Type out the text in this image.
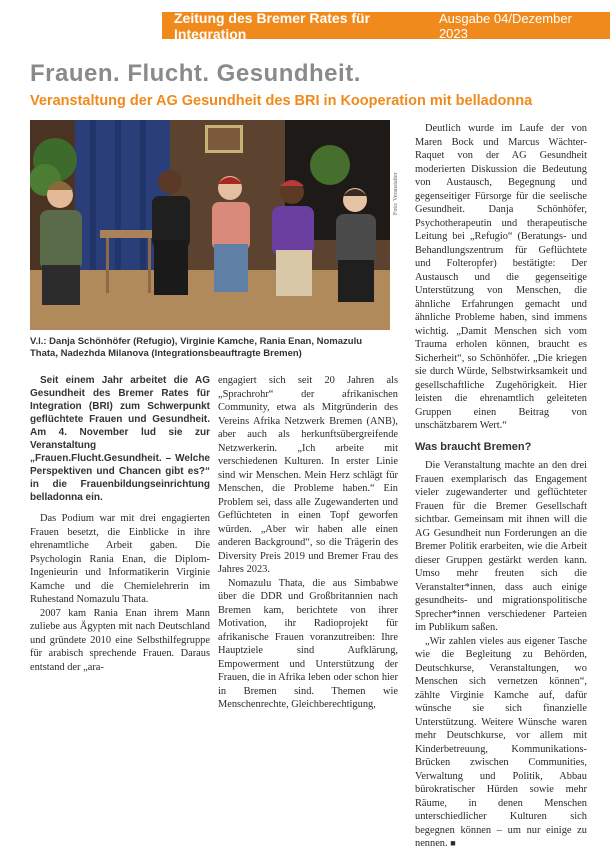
Zeitung des Bremer Rates für Integration
Ausgabe 04/Dezember 2023
Frauen. Flucht. Gesundheit.
Veranstaltung der AG Gesundheit des BRI in Kooperation mit belladonna
Foto: Veranstalter
V.l.: Danja Schönhöfer (Refugio), Virginie Kamche, Rania Enan, Nomazulu Thata, Nadezhda Milanova (Integrationsbeauftragte Bremen)

Seit einem Jahr arbeitet die AG Gesundheit des Bremer Rates für Integration (BRI) zum Schwerpunkt geflüchtete Frauen und Gesundheit. Am 4. November lud sie zur Veranstaltung „Frauen.Flucht.Gesundheit. – Welche Perspektiven und Chancen gibt es?“ in die Frauenbildungseinrichtung belladonna ein.

Das Podium war mit drei engagierten Frauen besetzt, die Einblicke in ihre ehrenamtliche Arbeit gaben. Die Psychologin Rania Enan, die Diplom-Ingenieurin und Informatikerin Virginie Kamche und die Chemielehrerin im Ruhestand Nomazulu Thata.

2007 kam Rania Enan ihrem Mann zuliebe aus Ägypten mit nach Deutschland und gründete 2010 eine Selbsthilfegruppe für arabisch sprechende Frauen. Daraus entstand der „ara-

engagiert sich seit 20 Jahren als „Sprachrohr“ der afrikanischen Community, etwa als Mitgründerin des Vereins Afrika Netzwerk Bremen (ANB), aber auch als herkunftsübergreifende Netzwerkerin. „Ich arbeite mit verschiedenen Kulturen. In erster Linie sind wir Menschen. Mein Herz schlägt für Menschen, die Probleme haben.“ Ein Problem sei, dass alle Zugewanderten und Geflüchteten in einen Topf geworfen würden. „Aber wir haben alle einen anderen Background“, so die Trägerin des Diversity Preis 2019 und Bremer Frau des Jahres 2023.

Nomazulu Thata, die aus Simbabwe über die DDR und Großbritannien nach Bremen kam, berichtete von ihrer Motivation, ihr Radioprojekt für afrikanische Frauen voranzutreiben: Ihre Hauptziele sind Aufklärung, Empowerment und Unterstützung der Frauen, die in Afrika leben oder schon hier in Bremen sind. Themen wie Menschenrechte, Gleichberechtigung,

Deutlich wurde im Laufe der von Maren Bock und Marcus Wächter-Raquet von der AG Gesundheit moderierten Diskussion die Bedeutung von Austausch, Begegnung und gegenseitiger Fürsorge für die seelische Gesundheit. Danja Schönhöfer, Psychotherapeutin und therapeutische Leitung bei „Refugio“ (Beratungs- und Behandlungszentrum für Geflüchtete und Folteropfer) bestätigte: Der Austausch und die gegenseitige Unterstützung von Menschen, die ähnliche Erfahrungen gemacht und ähnliche Probleme haben, sind immens wichtig. „Damit Menschen sich vom Trauma erholen können, braucht es Sicherheit“, so Schönhöfer. „Die kriegen sie durch Würde, Selbstwirksamkeit und gesellschaftliche Zugehörigkeit. Hier leisten die ehrenamtlich geleiteten Gruppen einen Beitrag von unschätzbarem Wert.“

Was braucht Bremen?

Die Veranstaltung machte an den drei Frauen exemplarisch das Engagement vieler zugewanderter und geflüchteter Frauen für die Bremer Gesellschaft sichtbar. Gemeinsam mit ihnen will die AG Gesundheit nun Forderungen an die Bremer Politik erarbeiten, wie die Arbeit dieser Gruppen gestärkt werden kann. Umso mehr freuten sich die Veranstalter*innen, dass auch einige gesundheits- und migrationspolitische Sprecher*innen verschiedener Parteien im Publikum saßen.

„Wir zahlen vieles aus eigener Tasche wie die Begleitung zu Behörden, Deutschkurse, Veranstaltungen, wo Menschen sich vernetzen können“, zählte Virginie Kamche auf, dafür wünsche sie sich finanzielle Unterstützung. Weitere Wünsche waren mehr Deutschkurse, vor allem mit Kinderbetreuung, Kommunikations-Brücken zwischen Communities, Verwaltung und Politik, Abbau bürokratischer Hürden sowie mehr Räume, in denen Menschen unterschiedlicher Kulturen sich begegnen können – um nur einige zu nennen. ■
